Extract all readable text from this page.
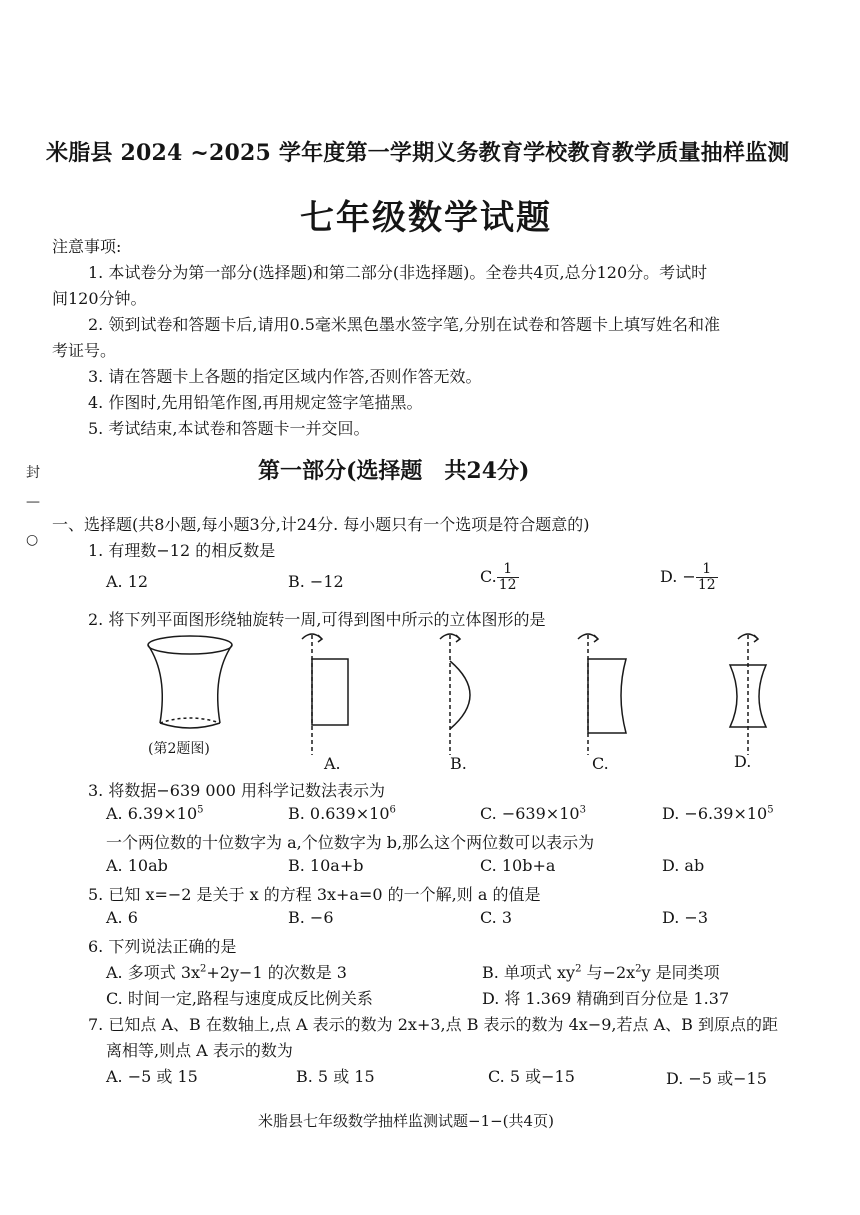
米脂县 2024 ~2025 学年度第一学期义务教育学校教育教学质量抽样监测
七年级数学试题
注意事项:
1. 本试卷分为第一部分(选择题)和第二部分(非选择题)。全卷共4页,总分120分。考试时
间120分钟。
2. 领到试卷和答题卡后,请用0.5毫米黑色墨水签字笔,分别在试卷和答题卡上填写姓名和准
考证号。
3. 请在答题卡上各题的指定区域内作答,否则作答无效。
4. 作图时,先用铅笔作图,再用规定签字笔描黑。
5. 考试结束,本试卷和答题卡一并交回。
封
○
—
第一部分(选择题　共24分)
一、选择题(共8小题,每小题3分,计24分. 每小题只有一个选项是符合题意的)
1. 有理数−12 的相反数是
A. 12	B. −12	C. $\frac{1}{12}$	D. − $\frac{1}{12}$
2. 将下列平面图形绕轴旋转一周,可得到图中所示的立体图形的是
(第2题图)
A.	B.	C.	D.
3. 将数据−639 000 用科学记数法表示为
A. $6.39\times 10^5$	B. $0.639\times 10^6$	C. $-639\times 10^3$	D. $-6.39\times 10^5$
一个两位数的十位数字为 a,个位数字为 b,那么这个两位数可以表示为
A. 10ab	B. 10a+b	C. 10b+a	D. ab
5. 已知 x=−2 是关于 x 的方程 3x+a=0 的一个解,则 a 的值是
A. 6	B. −6	C. 3	D. −3
6. 下列说法正确的是
A. 多项式 $3x^2+2y-1$ 的次数是 3	B. 单项式 $xy^2$ 与$-2x^2y$ 是同类项
C. 时间一定,路程与速度成反比例关系	D. 将 1.369 精确到百分位是 1.37
7. 已知点 A、B 在数轴上,点 A 表示的数为 2x+3,点 B 表示的数为 4x−9,若点 A、B 到原点的距
离相等,则点 A 表示的数为
A. −5 或 15	B. 5 或 15	C. 5 或−15	D. −5 或−15
米脂县七年级数学抽样监测试题−1−(共4页)
